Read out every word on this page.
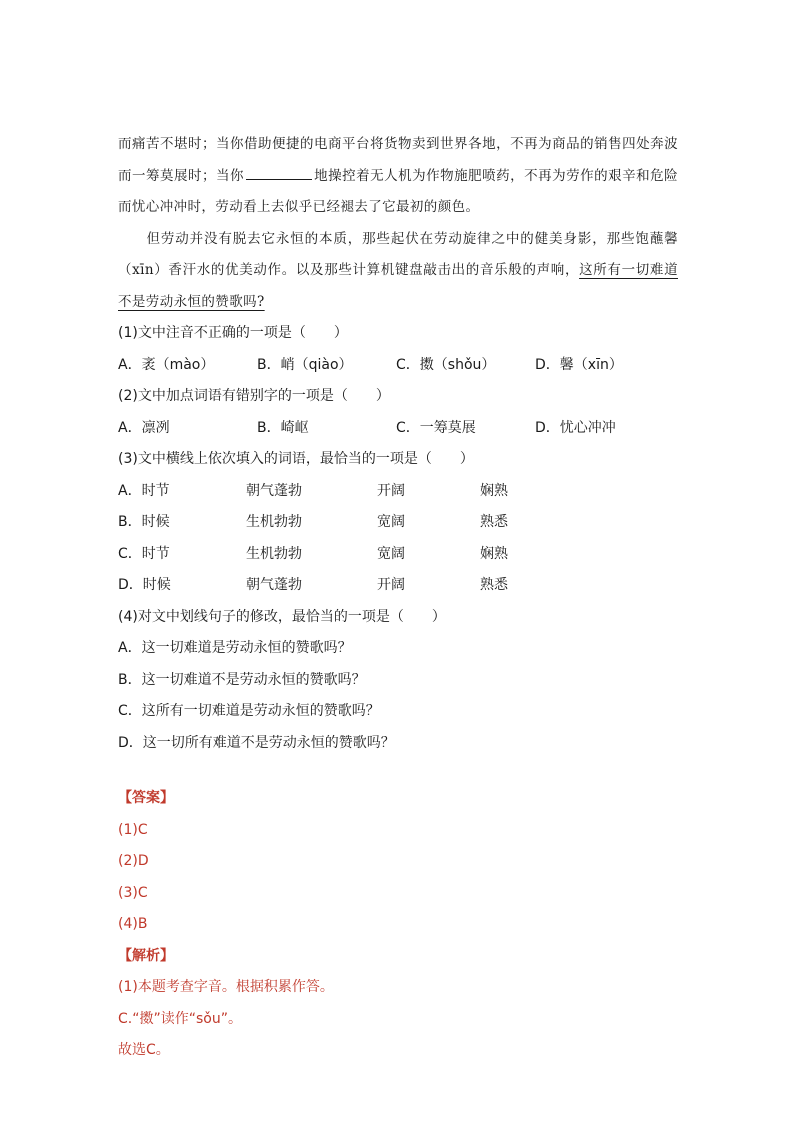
而痛苦不堪时；当你借助便捷的电商平台将货物卖到世界各地，不再为商品的销售四处奔波而一筹莫展时；当你	地操控着无人机为作物施肥喷药，不再为劳作的艰辛和危险而忧心冲冲时，劳动看上去似乎已经褪去了它最初的颜色。

但劳动并没有脱去它永恒的本质，那些起伏在劳动旋律之中的健美身影，那些饱蘸馨（xīn）香汗水的优美动作。以及那些计算机键盘敲击出的音乐般的声响，这所有一切难道不是劳动永恒的赞歌吗?

(1)文中注音不正确的一项是（　　）
A．袤（mào）	B．峭（qiào）	C．擞（shǒu）	D．馨（xīn）
(2)文中加点词语有错别字的一项是（　　）
A．凛冽	B．崎岖	C．一筹莫展	D．忧心冲冲
(3)文中横线上依次填入的词语，最恰当的一项是（　　）
A．时节	朝气蓬勃	开阔	娴熟
B．时候	生机勃勃	宽阔	熟悉
C．时节	生机勃勃	宽阔	娴熟
D．时候	朝气蓬勃	开阔	熟悉
(4)对文中划线句子的修改，最恰当的一项是（　　）
A．这一切难道是劳动永恒的赞歌吗？
B．这一切难道不是劳动永恒的赞歌吗？
C．这所有一切难道是劳动永恒的赞歌吗？
D．这一切所有难道不是劳动永恒的赞歌吗？
【答案】
(1)C
(2)D
(3)C
(4)B
【解析】
(1)本题考查字音。根据积累作答。
C.“擞”读作“sǒu”。
故选C。
